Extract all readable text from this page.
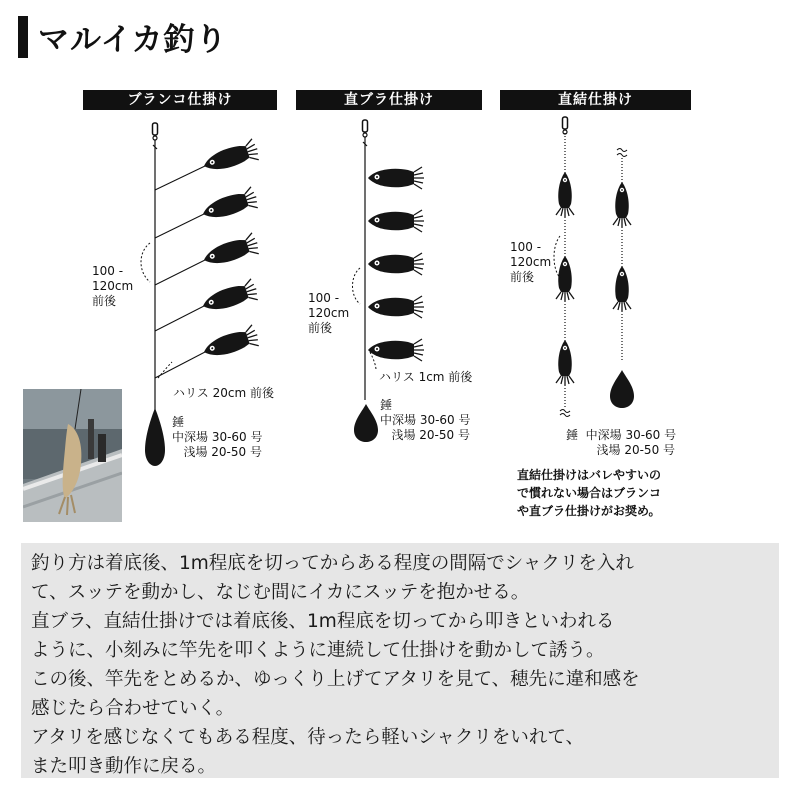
マルイカ釣り
ブランコ仕掛け	直ブラ仕掛け	直結仕掛け
100 -
120cm
前後
ハリス 20cm 前後
錘
中深場 30-60 号
浅場 20-50 号
100 -
120cm
前後
ハリス 1cm 前後
錘
中深場 30-60 号
浅場 20-50 号
100 -
120cm
前後
錘  中深場 30-60 号
浅場 20-50 号
直結仕掛けはバレやすいの
で慣れない場合はブランコ
や直ブラ仕掛けがお奨め。

釣り方は着底後、1m程底を切ってからある程度の間隔でシャクリを入れ

て、スッテを動かし、なじむ間にイカにスッテを抱かせる。

直ブラ、直結仕掛けでは着底後、1m程底を切ってから叩きといわれる

ように、小刻みに竿先を叩くように連続して仕掛けを動かして誘う。

この後、竿先をとめるか、ゆっくり上げてアタリを見て、穂先に違和感を

感じたら合わせていく。

アタリを感じなくてもある程度、待ったら軽いシャクリをいれて、

また叩き動作に戻る。
